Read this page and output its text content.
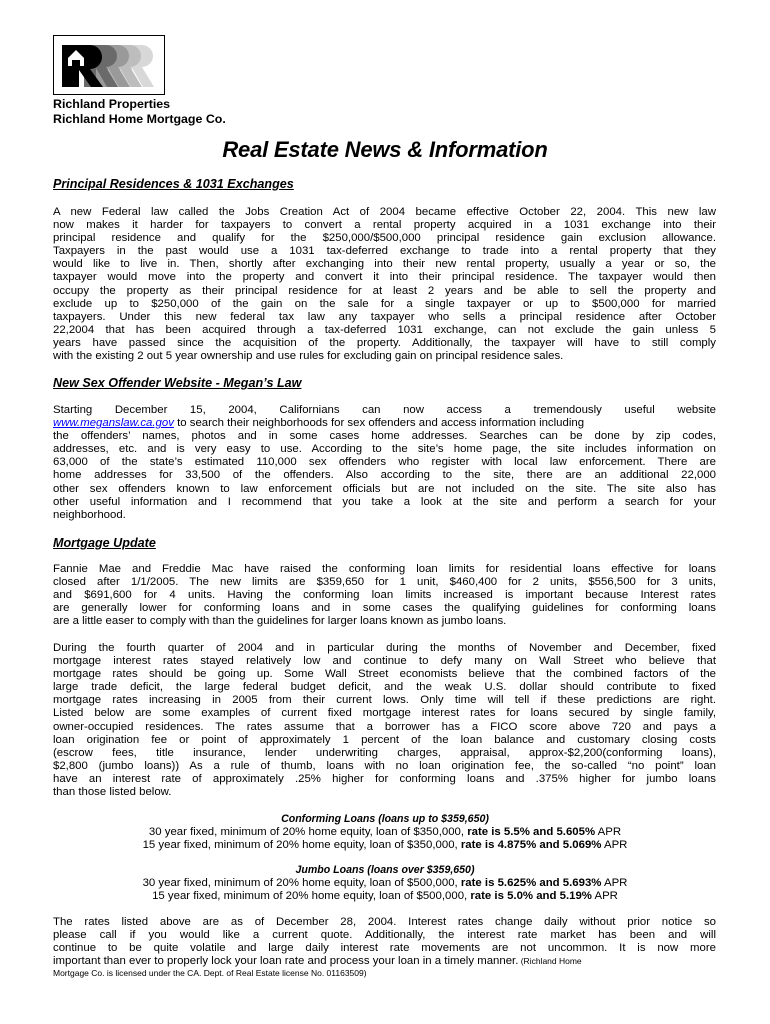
Richland Properties
Richland Home Mortgage Co.
Real Estate News & Information
Principal Residences & 1031 Exchanges
A new Federal law called the Jobs Creation Act of 2004 became effective October 22, 2004. This new law
now makes it harder for taxpayers to convert a rental property acquired in a 1031 exchange into their
principal residence and qualify for the $250,000/$500,000 principal residence gain exclusion allowance.
Taxpayers in the past would use a 1031 tax-deferred exchange to trade into a rental property that they
would like to live in. Then, shortly after exchanging into their new rental property, usually a year or so, the
taxpayer would move into the property and convert it into their principal residence. The taxpayer would then
occupy the property as their principal residence for at least 2 years and be able to sell the property and
exclude up to $250,000 of the gain on the sale for a single taxpayer or up to $500,000 for married
taxpayers. Under this new federal tax law any taxpayer who sells a principal residence after October
22,2004 that has been acquired through a tax-deferred 1031 exchange, can not exclude the gain unless 5
years have passed since the acquisition of the property. Additionally, the taxpayer will have to still comply
with the existing 2 out 5 year ownership and use rules for excluding gain on principal residence sales.
New Sex Offender Website - Megan’s Law
Starting December 15, 2004, Californians can now access a tremendously useful website
www.meganslaw.ca.gov to search their neighborhoods for sex offenders and access information including
the offenders’ names, photos and in some cases home addresses. Searches can be done by zip codes,
addresses, etc. and is very easy to use. According to the site’s home page, the site includes information on
63,000 of the state’s estimated 110,000 sex offenders who register with local law enforcement. There are
home addresses for 33,500 of the offenders. Also according to the site, there are an additional 22,000
other sex offenders known to law enforcement officials but are not included on the site. The site also has
other useful information and I recommend that you take a look at the site and perform a search for your
neighborhood.
Mortgage Update
Fannie Mae and Freddie Mac have raised the conforming loan limits for residential loans effective for loans
closed after 1/1/2005. The new limits are $359,650 for 1 unit, $460,400 for 2 units, $556,500 for 3 units,
and $691,600 for 4 units. Having the conforming loan limits increased is important because Interest rates
are generally lower for conforming loans and in some cases the qualifying guidelines for conforming loans
are a little easer to comply with than the guidelines for larger loans known as jumbo loans.
During the fourth quarter of 2004 and in particular during the months of November and December, fixed
mortgage interest rates stayed relatively low and continue to defy many on Wall Street who believe that
mortgage rates should be going up. Some Wall Street economists believe that the combined factors of the
large trade deficit, the large federal budget deficit, and the weak U.S. dollar should contribute to fixed
mortgage rates increasing in 2005 from their current lows. Only time will tell if these predictions are right.
Listed below are some examples of current fixed mortgage interest rates for loans secured by single family,
owner-occupied residences. The rates assume that a borrower has a FICO score above 720 and pays a
loan origination fee or point of approximately 1 percent of the loan balance and customary closing costs
(escrow fees, title insurance, lender underwriting charges, appraisal, approx-$2,200(conforming loans),
$2,800 (jumbo loans)) As a rule of thumb, loans with no loan origination fee, the so-called “no point” loan
have an interest rate of approximately .25% higher for conforming loans and .375% higher for jumbo loans
than those listed below.
Conforming Loans (loans up to $359,650)
30 year fixed, minimum of 20% home equity, loan of $350,000, rate is 5.5% and 5.605% APR
15 year fixed, minimum of 20% home equity, loan of $350,000, rate is 4.875% and 5.069% APR
Jumbo Loans (loans over $359,650)
30 year fixed, minimum of 20% home equity, loan of $500,000, rate is 5.625% and 5.693% APR
15 year fixed, minimum of 20% home equity, loan of $500,000, rate is 5.0% and 5.19% APR
The rates listed above are as of December 28, 2004. Interest rates change daily without prior notice so
please call if you would like a current quote. Additionally, the interest rate market has been and will
continue to be quite volatile and large daily interest rate movements are not uncommon. It is now more
important than ever to properly lock your loan rate and process your loan in a timely manner. (Richland Home
Mortgage Co. is licensed under the CA. Dept. of Real Estate license No. 01163509)
